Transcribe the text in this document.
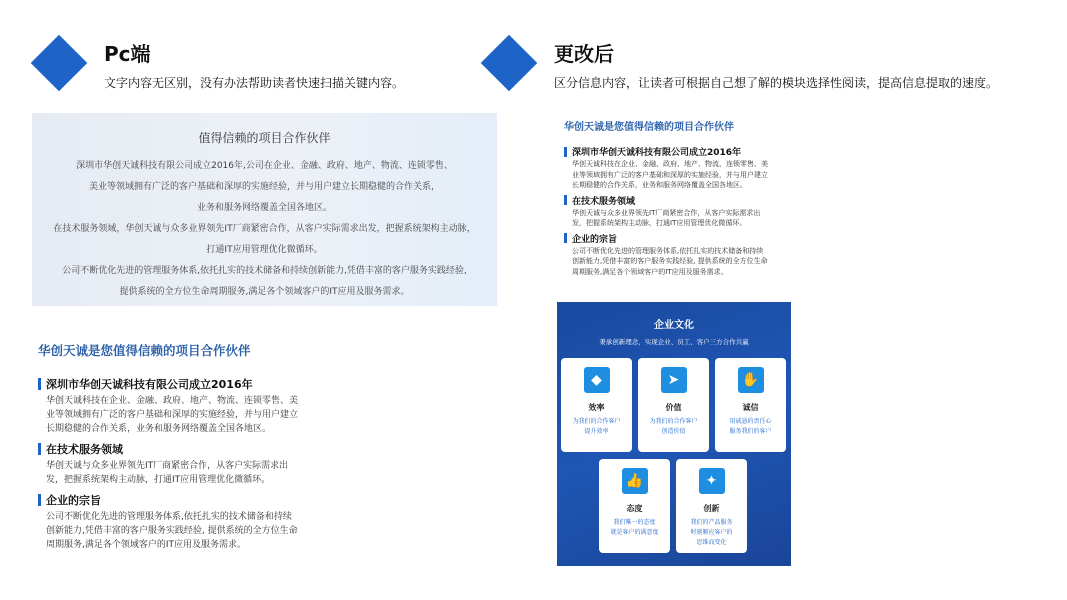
Pc端
文字内容无区别，没有办法帮助读者快速扫描关键内容。
更改后
区分信息内容，让读者可根据自己想了解的模块选择性阅读，提高信息提取的速度。
值得信赖的项目合作伙伴
深圳市华创天诚科技有限公司成立2016年,公司在企业、金融、政府、地产、物流、连锁零售、
美业等领域拥有广泛的客户基础和深厚的实施经验，并与用户建立长期稳健的合作关系，
业务和服务网络覆盖全国各地区。
在技术服务领域，华创天诚与众多业界领先IT厂商紧密合作，从客户实际需求出发，把握系统架构主动脉，
打通IT应用管理优化微循环。
公司不断优化先进的管理服务体系,依托扎实的技术储备和持续创新能力,凭借丰富的客户服务实践经验,
提供系统的全方位生命周期服务,满足各个领域客户的IT应用及服务需求。
华创天诚是您值得信赖的项目合作伙伴
深圳市华创天诚科技有限公司成立2016年
华创天诚科技在企业、金融、政府、地产、物流、连锁零售、美
业等领域拥有广泛的客户基础和深厚的实施经验，并与用户建立
长期稳健的合作关系，业务和服务网络覆盖全国各地区。
在技术服务领域
华创天诚与众多业界领先IT厂商紧密合作，从客户实际需求出
发，把握系统架构主动脉，打通IT应用管理优化微循环。
企业的宗旨
公司不断优化先进的管理服务体系,依托扎实的技术储备和持续
创新能力,凭借丰富的客户服务实践经验, 提供系统的全方位生命
周期服务,满足各个领域客户的IT应用及服务需求。
华创天诚是您值得信赖的项目合作伙伴
深圳市华创天诚科技有限公司成立2016年
华创天诚科技在企业、金融、政府、地产、物流、连锁零售、美
业等领域拥有广泛的客户基础和深厚的实施经验，并与用户建立
长期稳健的合作关系，业务和服务网络覆盖全国各地区。
在技术服务领域
华创天诚与众多业界领先IT厂商紧密合作，从客户实际需求出
发，把握系统架构主动脉，打通IT应用管理优化微循环。
企业的宗旨
公司不断优化先进的管理服务体系,依托扎实的技术储备和持续
创新能力,凭借丰富的客户服务实践经验, 提供系统的全方位生命
周期服务,满足各个领域客户的IT应用及服务需求。
企业文化
秉承创新理念，实现企业、员工、客户三方合作共赢
◆
效率
为我们的合作客户
提升效率
➤
价值
为我们的合作客户
创造价值
✋
诚信
用诚恳的责任心
服务我们的客户
👍
态度
我们唯一的态度
就是客户的满意度
✦
创新
我们的产品服务
时刻顺应客户的
思维而变化
